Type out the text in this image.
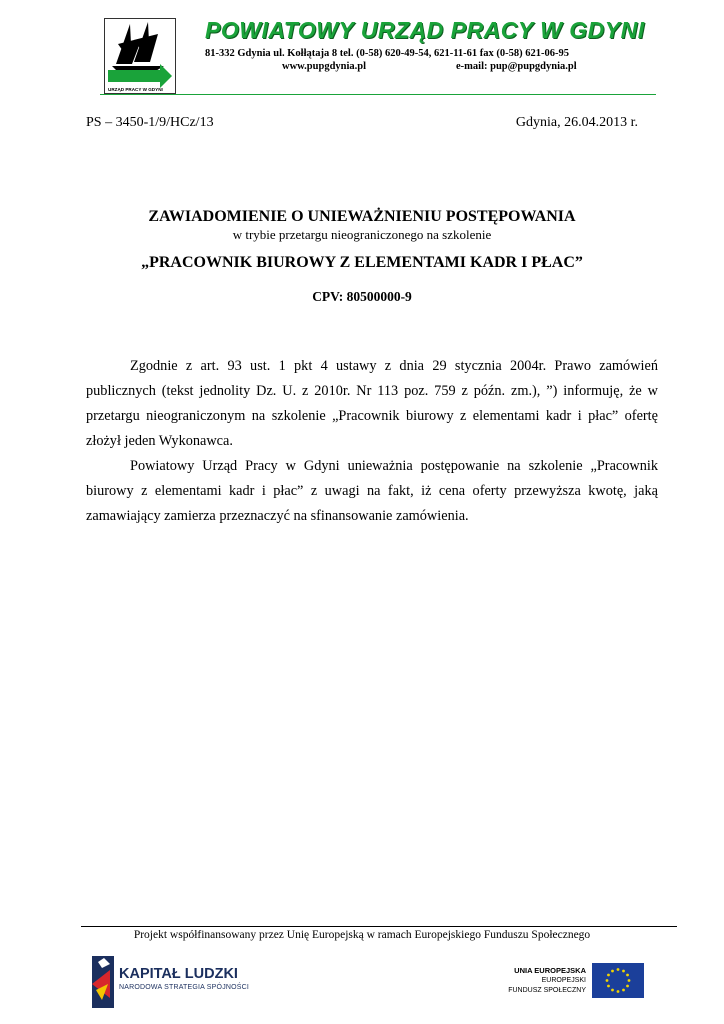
URZĄD PRACY W GDYNI
POWIATOWY URZĄD PRACY W GDYNI
81-332 Gdynia ul. Kołłątaja 8 tel. (0-58) 620-49-54, 621-11-61 fax (0-58) 621-06-95
www.pupgdynia.pl	e-mail: pup@pupgdynia.pl
PS – 3450-1/9/HCz/13	Gdynia, 26.04.2013 r.
ZAWIADOMIENIE O UNIEWAŻNIENIU POSTĘPOWANIA
w trybie przetargu nieograniczonego na szkolenie
„PRACOWNIK BIUROWY Z ELEMENTAMI KADR I PŁAC”
CPV: 80500000-9

Zgodnie z art. 93 ust. 1 pkt 4 ustawy z dnia 29 stycznia 2004r. Prawo zamówień publicznych (tekst jednolity Dz. U. z 2010r. Nr 113 poz. 759 z późn. zm.), ”) informuję, że w przetargu nieograniczonym na szkolenie „Pracownik biurowy z elementami kadr i płac” ofertę złożył jeden Wykonawca.

Powiatowy Urząd Pracy w Gdyni unieważnia postępowanie na szkolenie „Pracownik biurowy z elementami kadr i płac” z uwagi na fakt, iż cena oferty przewyższa kwotę, jaką zamawiający zamierza przeznaczyć na sfinansowanie zamówienia.

Projekt współfinansowany przez Unię Europejską w ramach Europejskiego Funduszu Społecznego
KAPITAŁ LUDZKI
NARODOWA STRATEGIA SPÓJNOŚCI
UNIA EUROPEJSKA
EUROPEJSKI
FUNDUSZ SPOŁECZNY
